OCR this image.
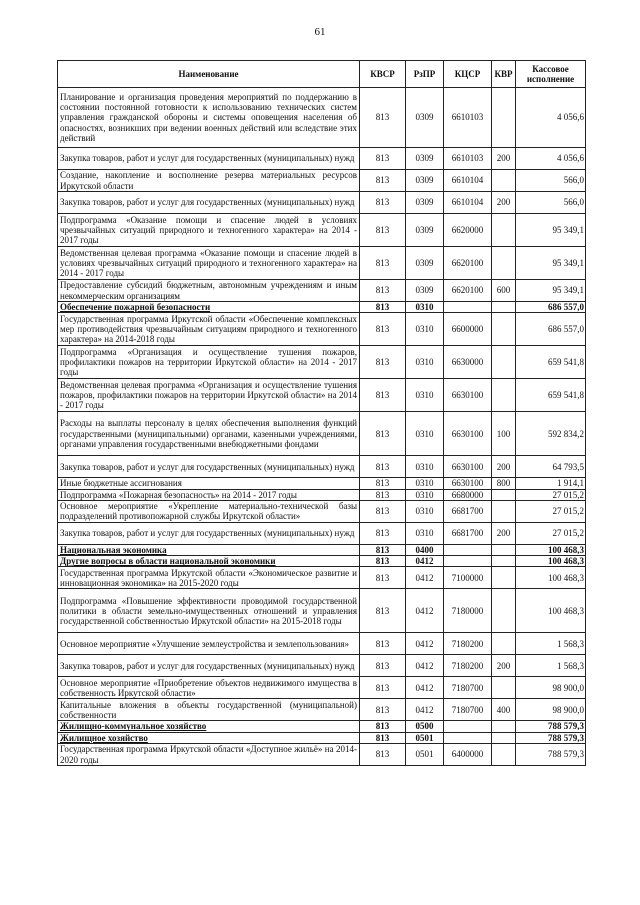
61
Наименование	КВСР	РзПР	КЦСР	КВР	Кассовое исполнение
Планирование и организация проведения мероприятий по поддержанию в состоянии постоянной готовности к использованию технических систем управления гражданской обороны и системы оповещения населения об опасностях, возникших при ведении военных действий или вследствие этих действий	813	0309	6610103		4 056,6
Закупка товаров, работ и услуг для государственных (муниципальных) нужд	813	0309	6610103	200	4 056,6
Создание, накопление и восполнение резерва материальных ресурсов Иркутской области	813	0309	6610104		566,0
Закупка товаров, работ и услуг для государственных (муниципальных) нужд	813	0309	6610104	200	566,0
Подпрограмма «Оказание помощи и спасение людей в условиях чрезвычайных ситуаций природного и техногенного характера» на 2014 - 2017 годы	813	0309	6620000		95 349,1
Ведомственная целевая программа «Оказание помощи и спасение людей в условиях чрезвычайных ситуаций природного и техногенного характера» на 2014 - 2017 годы	813	0309	6620100		95 349,1
Предоставление субсидий бюджетным, автономным учреждениям и иным некоммерческим организациям	813	0309	6620100	600	95 349,1
Обеспечение пожарной безопасности	813	0310			686 557,0
Государственная программа Иркутской области «Обеспечение комплексных мер противодействия чрезвычайным ситуациям природного и техногенного характера» на 2014-2018 годы	813	0310	6600000		686 557,0
Подпрограмма «Организация и осуществление тушения пожаров, профилактики пожаров на территории Иркутской области» на 2014 - 2017 годы	813	0310	6630000		659 541,8
Ведомственная целевая программа «Организация и осуществление тушения пожаров, профилактики пожаров на территории Иркутской области» на 2014 - 2017 годы	813	0310	6630100		659 541,8
Расходы на выплаты персоналу в целях обеспечения выполнения функций государственными (муниципальными) органами, казенными учреждениями, органами управления государственными внебюджетными фондами	813	0310	6630100	100	592 834,2
Закупка товаров, работ и услуг для государственных (муниципальных) нужд	813	0310	6630100	200	64 793,5
Иные бюджетные ассигнования	813	0310	6630100	800	1 914,1
Подпрограмма «Пожарная безопасность» на 2014 - 2017 годы	813	0310	6680000		27 015,2
Основное мероприятие «Укрепление материально-технической базы подразделений противопожарной службы Иркутской области»	813	0310	6681700		27 015,2
Закупка товаров, работ и услуг для государственных (муниципальных) нужд	813	0310	6681700	200	27 015,2
Национальная экономика	813	0400			100 468,3
Другие вопросы в области национальной экономики	813	0412			100 468,3
Государственная программа Иркутской области «Экономическое развитие и инновационная экономика» на 2015-2020 годы	813	0412	7100000		100 468,3
Подпрограмма «Повышение эффективности проводимой государственной политики в области земельно-имущественных отношений и управления государственной собственностью Иркутской области» на 2015-2018 годы	813	0412	7180000		100 468,3
Основное мероприятие «Улучшение землеустройства и землепользования»	813	0412	7180200		1 568,3
Закупка товаров, работ и услуг для государственных (муниципальных) нужд	813	0412	7180200	200	1 568,3
Основное мероприятие «Приобретение объектов недвижимого имущества в собственность Иркутской области»	813	0412	7180700		98 900,0
Капитальные вложения в объекты государственной (муниципальной) собственности	813	0412	7180700	400	98 900,0
Жилищно-коммунальное хозяйство	813	0500			788 579,3
Жилищное хозяйство	813	0501			788 579,3
Государственная программа Иркутской области «Доступное жильё» на 2014-2020 годы	813	0501	6400000		788 579,3
